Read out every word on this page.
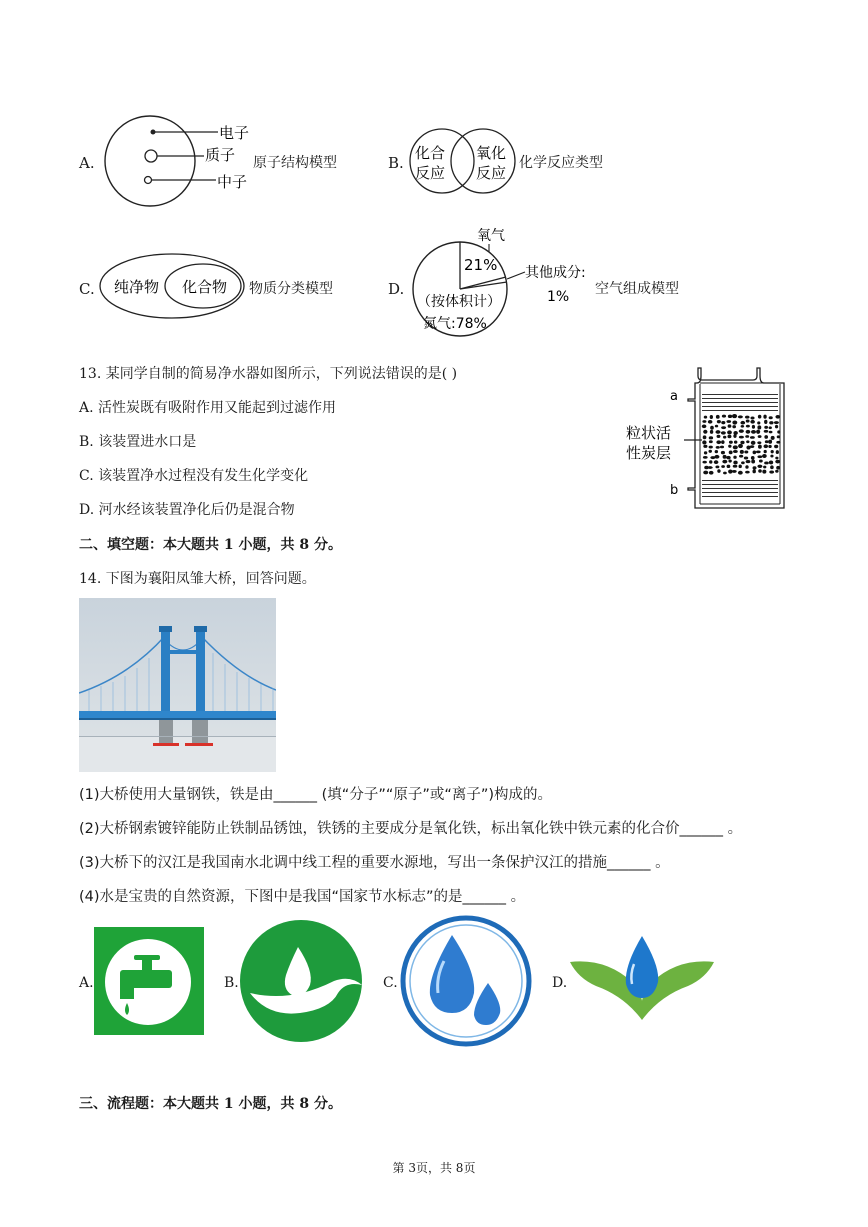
A.
电子
质子
中子
原子结构模型	B.
化合
反应
氧化
反应
化学反应类型
C. 纯净物 化合物 物质分类模型	D.
氧气
21% 其他成分:
1%
（按体积计）
氮气:78%
空气组成模型
13. 某同学自制的简易净水器如图所示，下列说法错误的是( )
A. 活性炭既有吸附作用又能起到过滤作用
B. 该装置进水口是
C. 该装置净水过程没有发生化学变化
D. 河水经该装置净化后仍是混合物
a
b
粒状活
性炭层
二、填空题：本大题共 1 小题，共 8 分。
14. 下图为襄阳凤雏大桥，回答问题。
(1)大桥使用大量钢铁，铁是由______ (填“分子”“原子”或“离子”)构成的。
(2)大桥钢索镀锌能防止铁制品锈蚀，铁锈的主要成分是氧化铁，标出氧化铁中铁元素的化合价______ 。
(3)大桥下的汉江是我国南水北调中线工程的重要水源地，写出一条保护汉江的措施______ 。
(4)水是宝贵的自然资源，下图中是我国“国家节水标志”的是______ 。
A.	B.	C.	D.
三、流程题：本大题共 1 小题，共 8 分。
第 3页，共 8页
